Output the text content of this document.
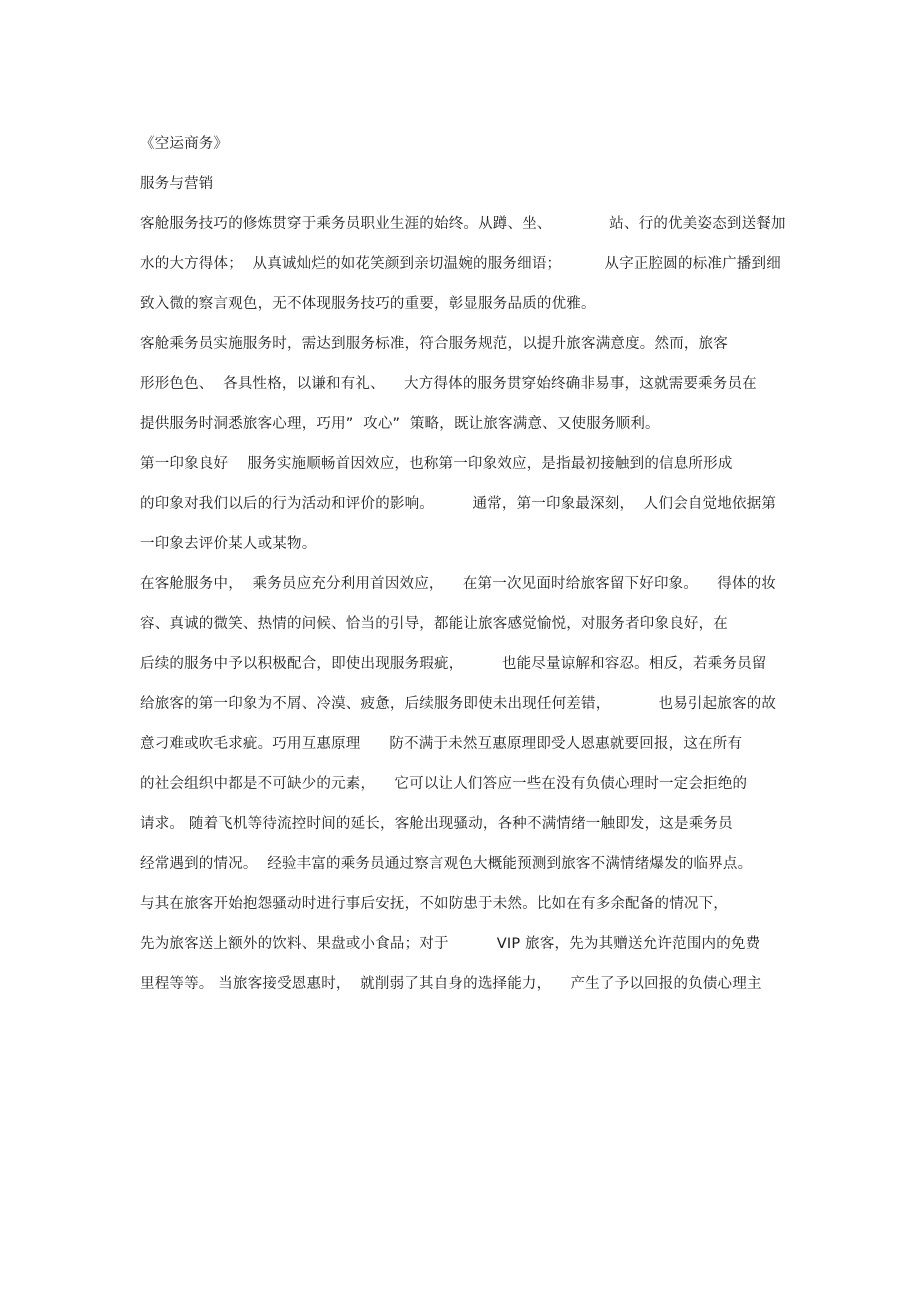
《空运商务》
服务与营销
客舱服务技巧的修炼贯穿于乘务员职业生涯的始终。从蹲、坐、            站、行的优美姿态到送餐加
水的大方得体；  从真诚灿烂的如花笑颜到亲切温婉的服务细语；         从字正腔圆的标准广播到细
致入微的察言观色，无不体现服务技巧的重要，彰显服务品质的优雅。
客舱乘务员实施服务时，需达到服务标准，符合服务规范，以提升旅客满意度。然而，旅客
形形色色、  各具性格，以谦和有礼、    大方得体的服务贯穿始终确非易事，这就需要乘务员在
提供服务时洞悉旅客心理，巧用”  攻心”  策略，既让旅客满意、又使服务顺利。
第一印象良好    服务实施顺畅首因效应，也称第一印象效应，是指最初接触到的信息所形成
的印象对我们以后的行为活动和评价的影响。        通常，第一印象最深刻，  人们会自觉地依据第
一印象去评价某人或某物。
在客舱服务中，  乘务员应充分利用首因效应，    在第一次见面时给旅客留下好印象。    得体的妆
容、真诚的微笑、热情的问候、恰当的引导，都能让旅客感觉愉悦，对服务者印象良好，在
后续的服务中予以积极配合，即使出现服务瑕疵，        也能尽量谅解和容忍。相反，若乘务员留
给旅客的第一印象为不屑、冷漠、疲惫，后续服务即使未出现任何差错，          也易引起旅客的故
意刁难或吹毛求疵。巧用互惠原理      防不满于未然互惠原理即受人恩惠就要回报，这在所有
的社会组织中都是不可缺少的元素，    它可以让人们答应一些在没有负债心理时一定会拒绝的
请求。 随着飞机等待流控时间的延长，客舱出现骚动，各种不满情绪一触即发，这是乘务员
经常遇到的情况。  经验丰富的乘务员通过察言观色大概能预测到旅客不满情绪爆发的临界点。
与其在旅客开始抱怨骚动时进行事后安抚，不如防患于未然。比如在有多余配备的情况下，
先为旅客送上额外的饮料、果盘或小食品；对于          VIP 旅客，先为其赠送允许范围内的免费
里程等等。 当旅客接受恩惠时，  就削弱了其自身的选择能力，    产生了予以回报的负债心理主
